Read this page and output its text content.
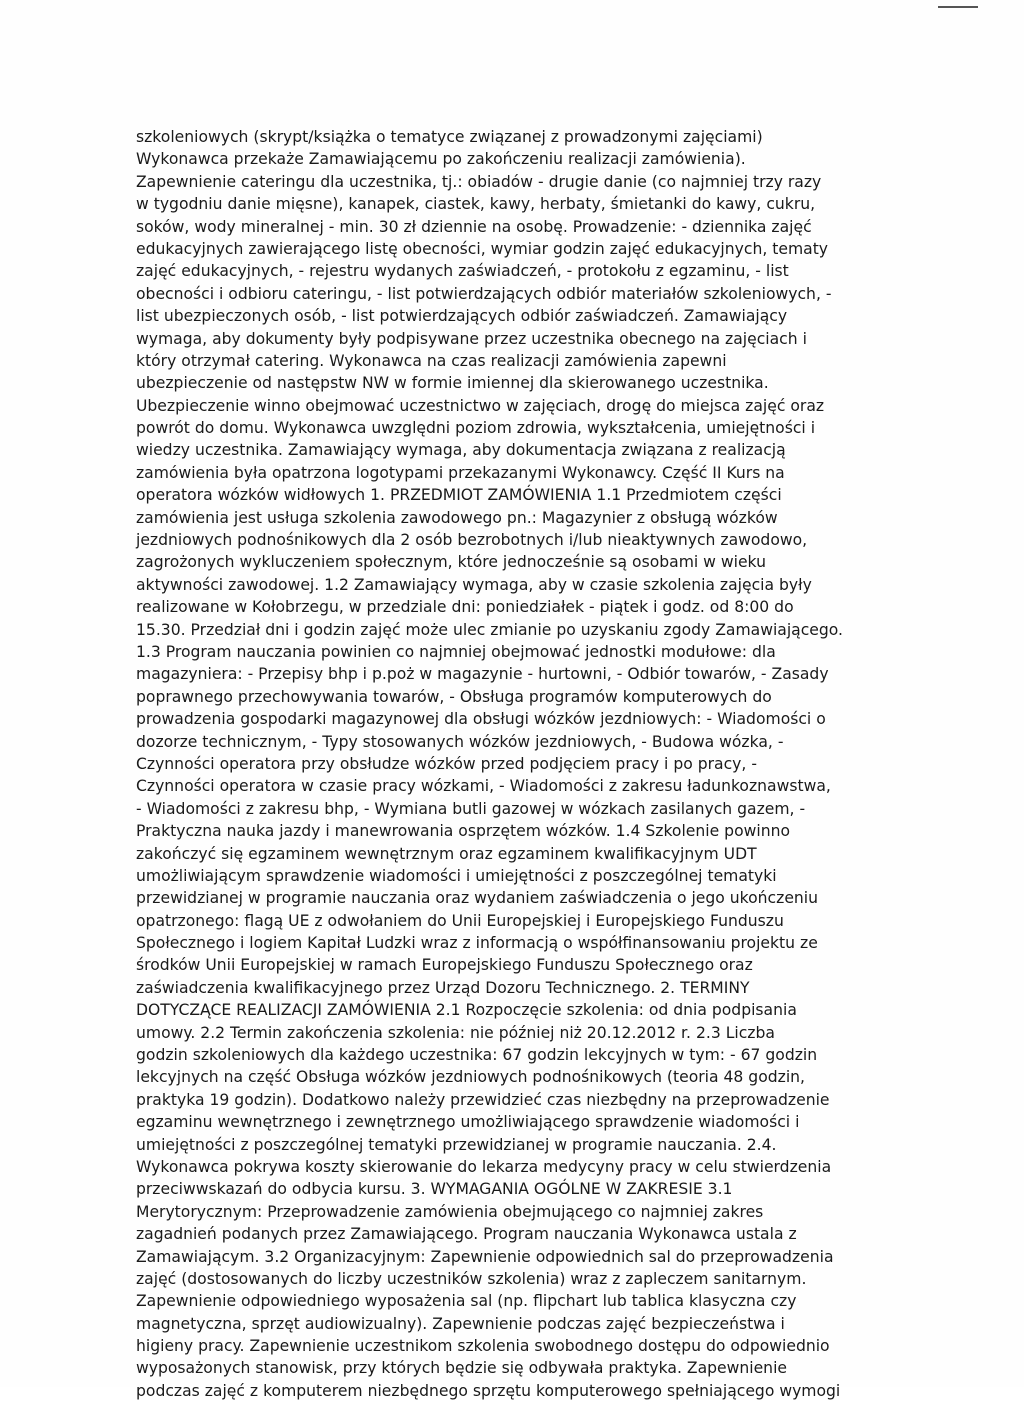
szkoleniowych (skrypt/książka o tematyce związanej z prowadzonymi zajęciami)
Wykonawca przekaże Zamawiającemu po zakończeniu realizacji zamówienia).
Zapewnienie cateringu dla uczestnika, tj.: obiadów - drugie danie (co najmniej trzy razy
w tygodniu danie mięsne), kanapek, ciastek, kawy, herbaty, śmietanki do kawy, cukru,
soków, wody mineralnej - min. 30 zł dziennie na osobę. Prowadzenie: - dziennika zajęć
edukacyjnych zawierającego listę obecności, wymiar godzin zajęć edukacyjnych, tematy
zajęć edukacyjnych, - rejestru wydanych zaświadczeń, - protokołu z egzaminu, - list
obecności i odbioru cateringu, - list potwierdzających odbiór materiałów szkoleniowych, -
list ubezpieczonych osób, - list potwierdzających odbiór zaświadczeń. Zamawiający
wymaga, aby dokumenty były podpisywane przez uczestnika obecnego na zajęciach i
który otrzymał catering. Wykonawca na czas realizacji zamówienia zapewni
ubezpieczenie od następstw NW w formie imiennej dla skierowanego uczestnika.
Ubezpieczenie winno obejmować uczestnictwo w zajęciach, drogę do miejsca zajęć oraz
powrót do domu. Wykonawca uwzględni poziom zdrowia, wykształcenia, umiejętności i
wiedzy uczestnika. Zamawiający wymaga, aby dokumentacja związana z realizacją
zamówienia była opatrzona logotypami przekazanymi Wykonawcy. Część II Kurs na
operatora wózków widłowych 1. PRZEDMIOT ZAMÓWIENIA 1.1 Przedmiotem części
zamówienia jest usługa szkolenia zawodowego pn.: Magazynier z obsługą wózków
jezdniowych podnośnikowych dla 2 osób bezrobotnych i/lub nieaktywnych zawodowo,
zagrożonych wykluczeniem społecznym, które jednocześnie są osobami w wieku
aktywności zawodowej. 1.2 Zamawiający wymaga, aby w czasie szkolenia zajęcia były
realizowane w Kołobrzegu, w przedziale dni: poniedziałek - piątek i godz. od 8:00 do
15.30. Przedział dni i godzin zajęć może ulec zmianie po uzyskaniu zgody Zamawiającego.
1.3 Program nauczania powinien co najmniej obejmować jednostki modułowe: dla
magazyniera: - Przepisy bhp i p.poż w magazynie - hurtowni, - Odbiór towarów, - Zasady
poprawnego przechowywania towarów, - Obsługa programów komputerowych do
prowadzenia gospodarki magazynowej dla obsługi wózków jezdniowych: - Wiadomości o
dozorze technicznym, - Typy stosowanych wózków jezdniowych, - Budowa wózka, -
Czynności operatora przy obsłudze wózków przed podjęciem pracy i po pracy, -
Czynności operatora w czasie pracy wózkami, - Wiadomości z zakresu ładunkoznawstwa,
- Wiadomości z zakresu bhp, - Wymiana butli gazowej w wózkach zasilanych gazem, -
Praktyczna nauka jazdy i manewrowania osprzętem wózków. 1.4 Szkolenie powinno
zakończyć się egzaminem wewnętrznym oraz egzaminem kwalifikacyjnym UDT
umożliwiającym sprawdzenie wiadomości i umiejętności z poszczególnej tematyki
przewidzianej w programie nauczania oraz wydaniem zaświadczenia o jego ukończeniu
opatrzonego: flagą UE z odwołaniem do Unii Europejskiej i Europejskiego Funduszu
Społecznego i logiem Kapitał Ludzki wraz z informacją o współfinansowaniu projektu ze
środków Unii Europejskiej w ramach Europejskiego Funduszu Społecznego oraz
zaświadczenia kwalifikacyjnego przez Urząd Dozoru Technicznego. 2. TERMINY
DOTYCZĄCE REALIZACJI ZAMÓWIENIA 2.1 Rozpoczęcie szkolenia: od dnia podpisania
umowy. 2.2 Termin zakończenia szkolenia: nie później niż 20.12.2012 r. 2.3 Liczba
godzin szkoleniowych dla każdego uczestnika: 67 godzin lekcyjnych w tym: - 67 godzin
lekcyjnych na część Obsługa wózków jezdniowych podnośnikowych (teoria 48 godzin,
praktyka 19 godzin). Dodatkowo należy przewidzieć czas niezbędny na przeprowadzenie
egzaminu wewnętrznego i zewnętrznego umożliwiającego sprawdzenie wiadomości i
umiejętności z poszczególnej tematyki przewidzianej w programie nauczania. 2.4.
Wykonawca pokrywa koszty skierowanie do lekarza medycyny pracy w celu stwierdzenia
przeciwwskazań do odbycia kursu. 3. WYMAGANIA OGÓLNE W ZAKRESIE 3.1
Merytorycznym: Przeprowadzenie zamówienia obejmującego co najmniej zakres
zagadnień podanych przez Zamawiającego. Program nauczania Wykonawca ustala z
Zamawiającym. 3.2 Organizacyjnym: Zapewnienie odpowiednich sal do przeprowadzenia
zajęć (dostosowanych do liczby uczestników szkolenia) wraz z zapleczem sanitarnym.
Zapewnienie odpowiedniego wyposażenia sal (np. flipchart lub tablica klasyczna czy
magnetyczna, sprzęt audiowizualny). Zapewnienie podczas zajęć bezpieczeństwa i
higieny pracy. Zapewnienie uczestnikom szkolenia swobodnego dostępu do odpowiednio
wyposażonych stanowisk, przy których będzie się odbywała praktyka. Zapewnienie
podczas zajęć z komputerem niezbędnego sprzętu komputerowego spełniającego wymogi
